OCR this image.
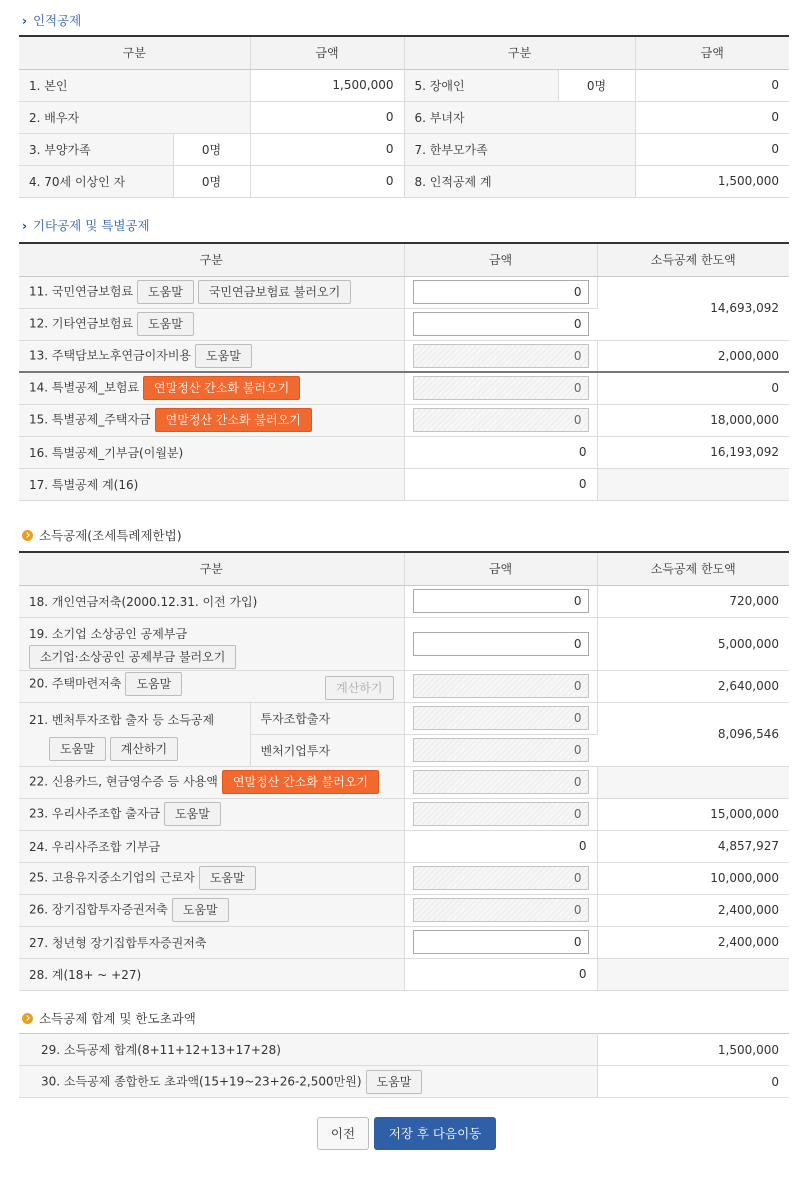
› 인적공제
구분		금액	구분		금액
1. 본인		1,500,000	5. 장애인	0명	0
2. 배우자		0	6. 부녀자		0
3. 부양가족	0명	0	7. 한부모가족		0
4. 70세 이상인 자	0명	0	8. 인적공제 계		1,500,000
› 기타공제 및 특별공제
구분	금액	소득공제 한도액
11. 국민연금보험료 도움말 국민연금보험료 불러오기	0	14,693,092
12. 기타연금보험료 도움말	0	
13. 주택담보노후연금이자비용 도움말	0	2,000,000
14. 특별공제_보험료 연말정산 간소화 불러오기	0	0
15. 특별공제_주택자금 연말정산 간소화 불러오기	0	18,000,000
16. 특별공제_기부금(이월분)	0	16,193,092
17. 특별공제 계(16)	0	
소득공제(조세특례제한법)
구분		금액	소득공제 한도액
18. 개인연금저축(2000.12.31. 이전 가입)		0	720,000

19. 소기업 소상공인 공제부금
소기업·소상공인 공제부금 불러오기		0	5,000,000
20. 주택마련저축 도움말 계산하기		0	2,640,000

21. 벤처투자조합 출자 등 소득공제
도움말 계산하기	투자조합출자	0	8,096,546
	벤처기업투자	0	
22. 신용카드, 현금영수증 등 사용액 연말정산 간소화 불러오기		0	
23. 우리사주조합 출자금 도움말		0	15,000,000
24. 우리사주조합 기부금		0	4,857,927
25. 고용유지중소기업의 근로자 도움말		0	10,000,000
26. 장기집합투자증권저축 도움말		0	2,400,000
27. 청년형 장기집합투자증권저축		0	2,400,000
28. 계(18+ ~ +27)		0	
소득공제 합계 및 한도초과액
29. 소득공제 합계(8+11+12+13+17+28)	1,500,000
30. 소득공제 종합한도 초과액(15+19~23+26-2,500만원) 도움말	0
이전	저장 후 다음이동
